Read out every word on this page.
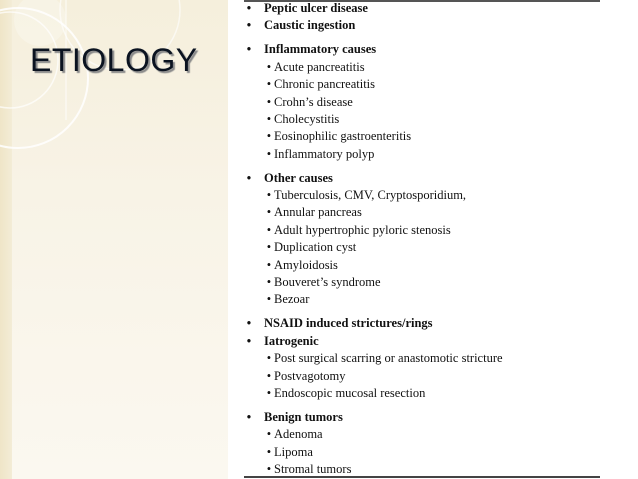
ETIOLOGY
•	Peptic ulcer disease
•	Caustic ingestion
•	Inflammatory causes
• Acute pancreatitis
• Chronic pancreatitis
• Crohn’s disease
• Cholecystitis
• Eosinophilic gastroenteritis
• Inflammatory polyp
•	Other causes
• Tuberculosis, CMV, Cryptosporidium,
• Annular pancreas
• Adult hypertrophic pyloric stenosis
• Duplication cyst
• Amyloidosis
• Bouveret’s syndrome
• Bezoar
•	NSAID induced strictures/rings
•	Iatrogenic
• Post surgical scarring or anastomotic stricture
• Postvagotomy
• Endoscopic mucosal resection
•	Benign tumors
• Adenoma
• Lipoma
• Stromal tumors
